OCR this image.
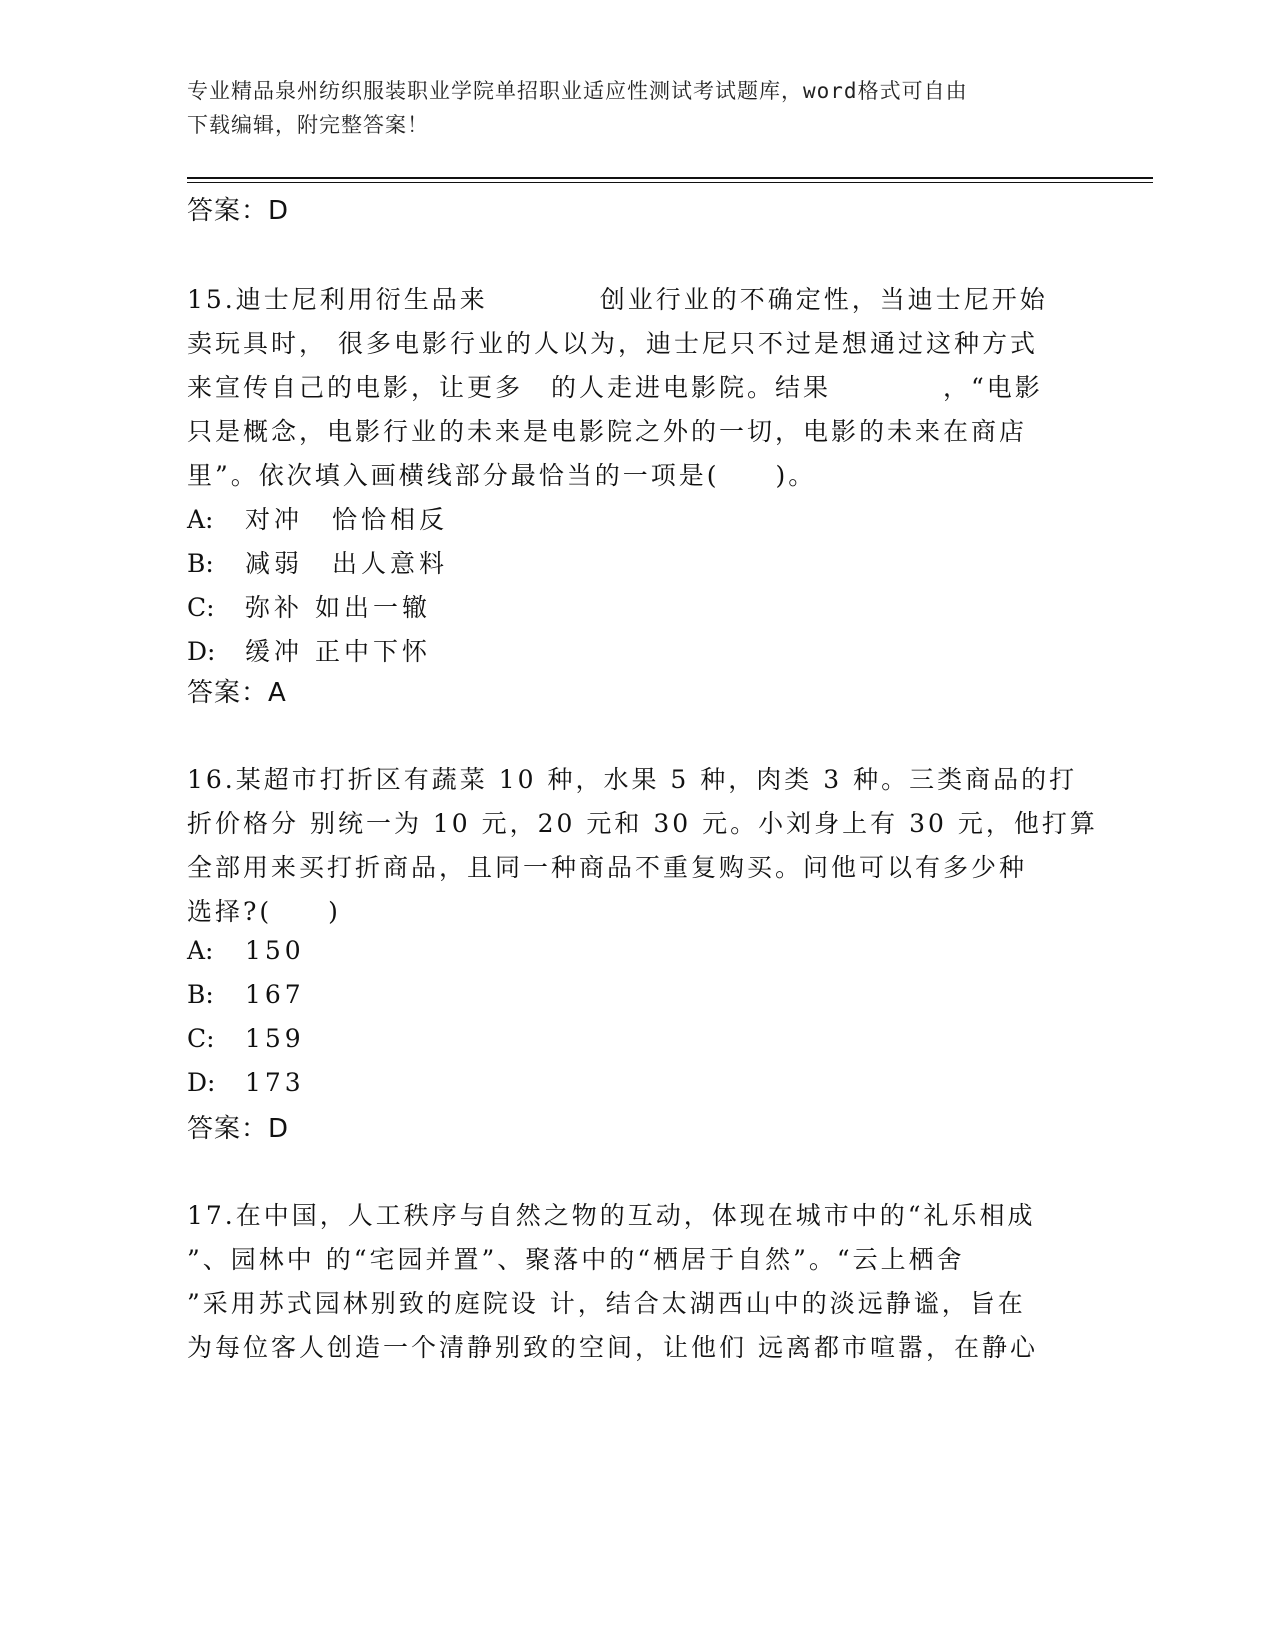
专业精品泉州纺织服装职业学院单招职业适应性测试考试题库，word格式可自由
下载编辑，附完整答案！
答案：D
15.迪士尼利用衍生品来　　　　创业行业的不确定性，当迪士尼开始
卖玩具时， 很多电影行业的人以为，迪士尼只不过是想通过这种方式
来宣传自己的电影，让更多　的人走进电影院。结果　　　　，“电影
只是概念，电影行业的未来是电影院之外的一切，电影的未来在商店
里”。依次填入画横线部分最恰当的一项是(　　)。
A: 对冲　恰恰相反
B: 减弱　出人意料
C: 弥补 如出一辙
D: 缓冲 正中下怀
答案：A
16.某超市打折区有蔬菜 10 种，水果 5 种，肉类 3 种。三类商品的打
折价格分 别统一为 10 元，20 元和 30 元。小刘身上有 30 元，他打算
全部用来买打折商品，且同一种商品不重复购买。问他可以有多少种
选择?(　　)
A: 150
B: 167
C: 159
D: 173
答案：D
17.在中国，人工秩序与自然之物的互动，体现在城市中的“礼乐相成
”、园林中 的“宅园并置”、聚落中的“栖居于自然”。“云上栖舍
”采用苏式园林别致的庭院设 计，结合太湖西山中的淡远静谧，旨在
为每位客人创造一个清静别致的空间，让他们 远离都市喧嚣，在静心
